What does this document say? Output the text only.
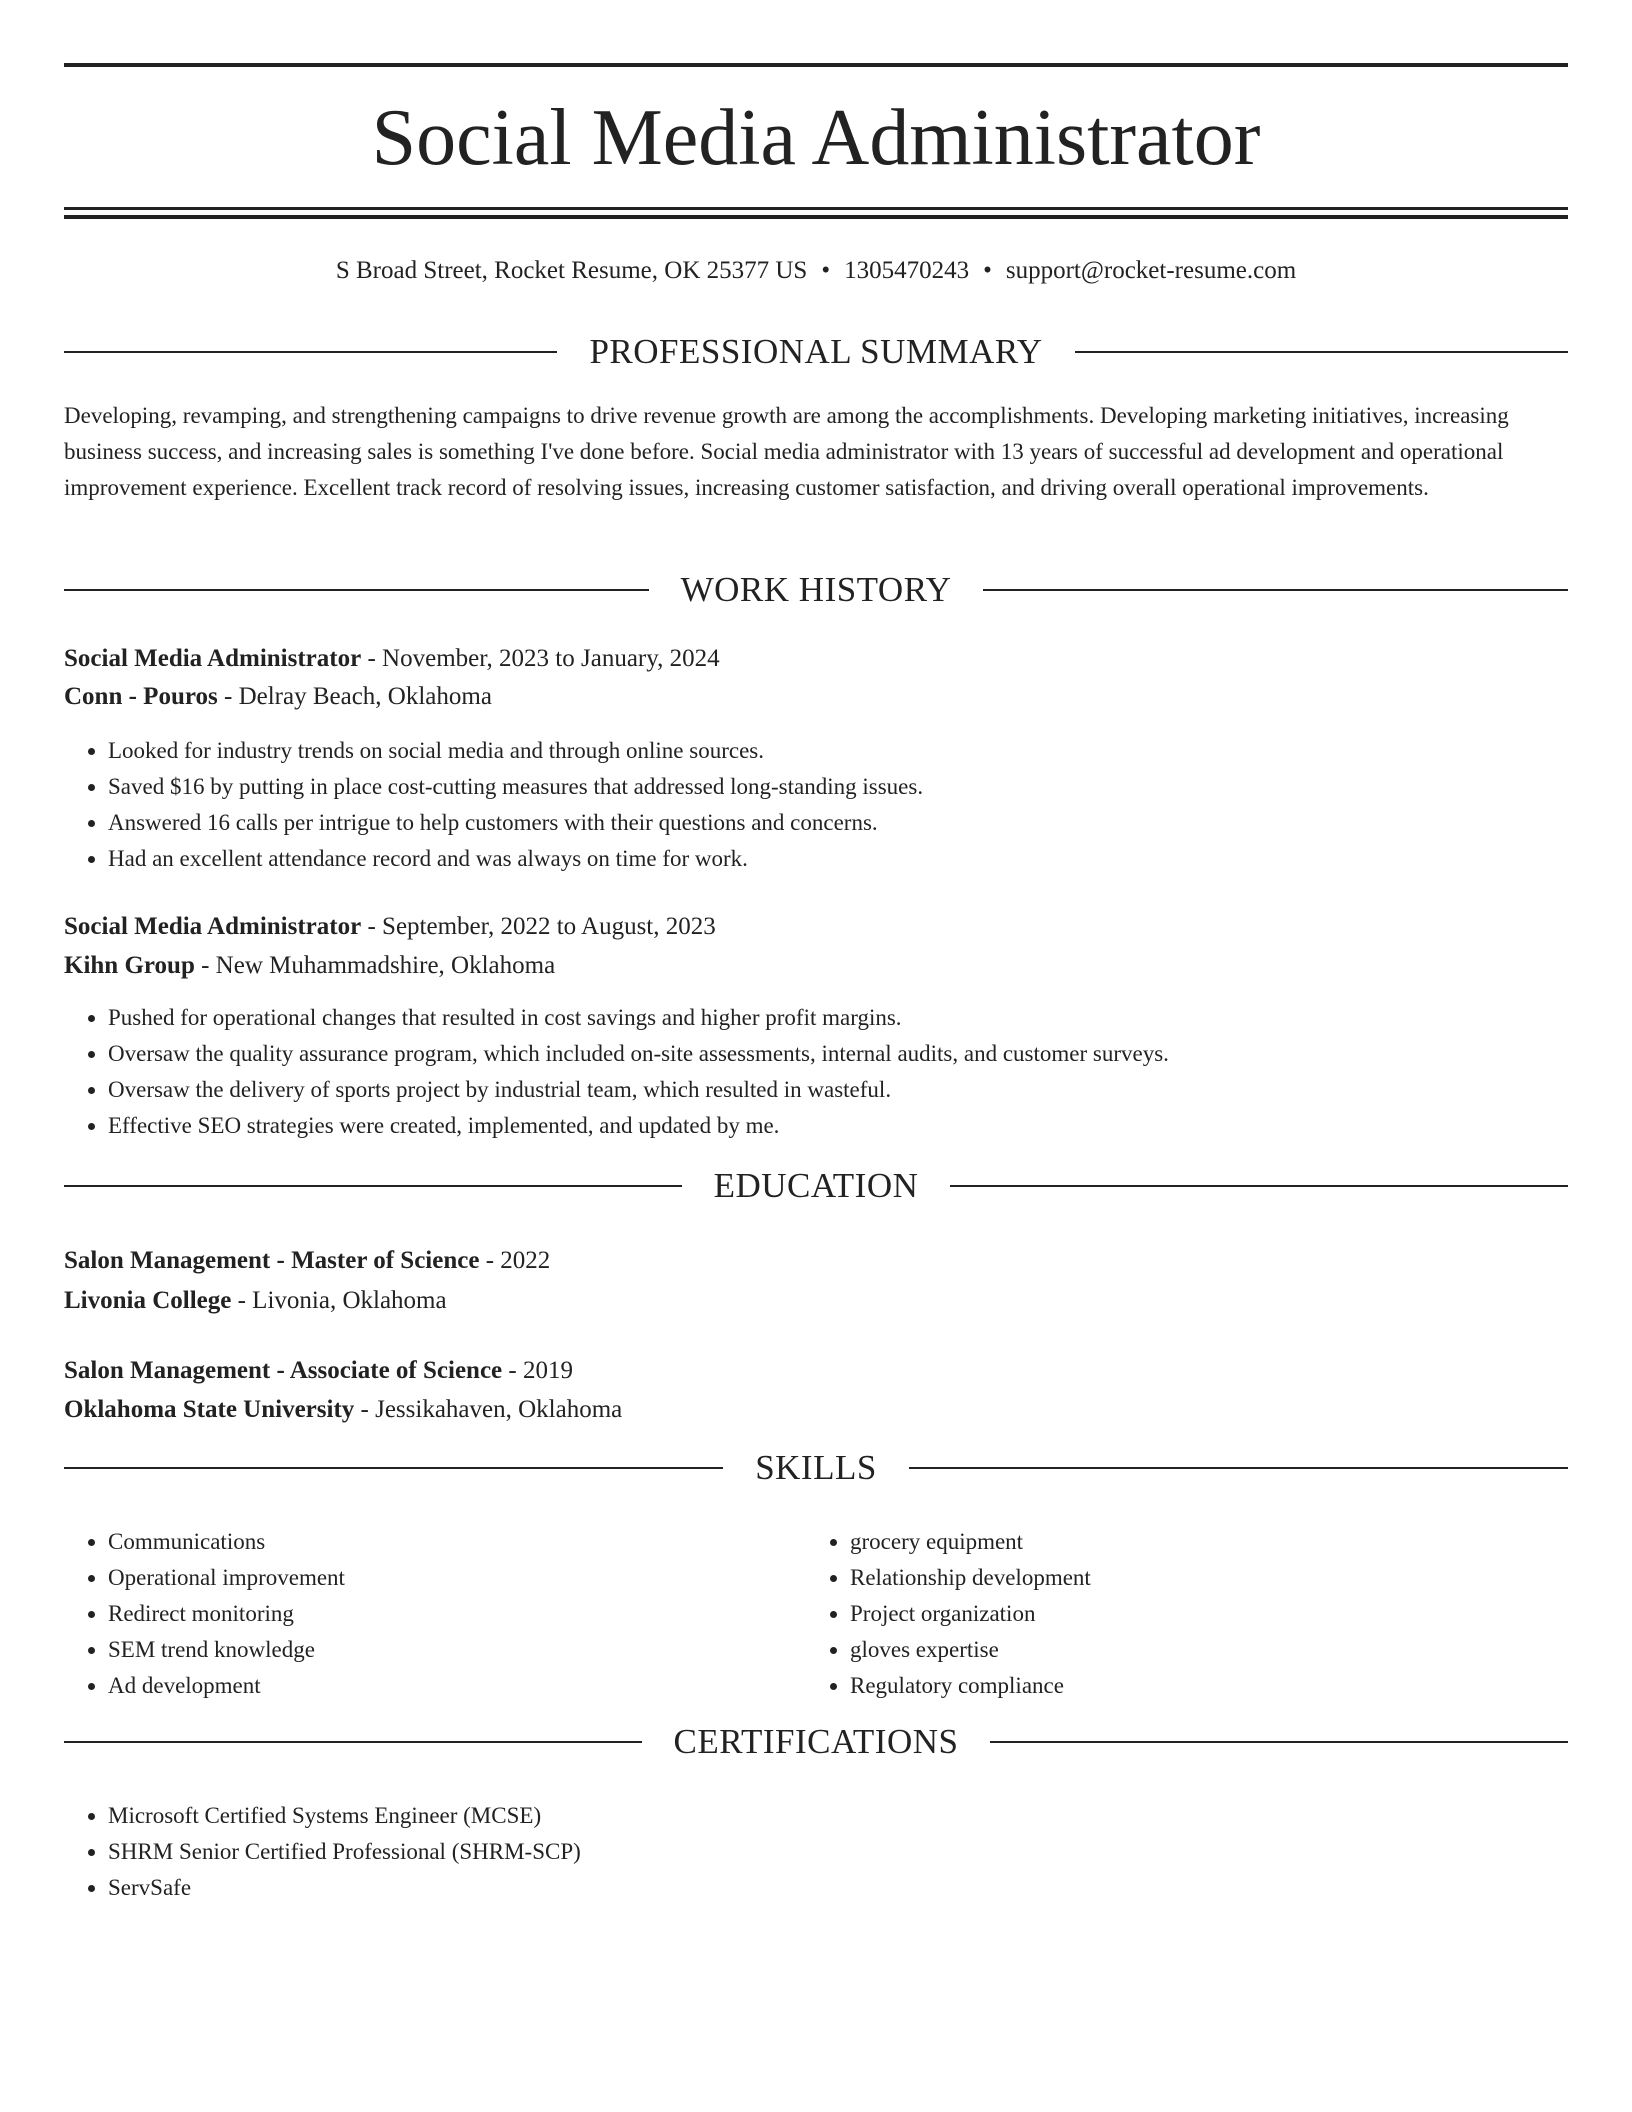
Social Media Administrator
S Broad Street, Rocket Resume, OK 25377 US • 1305470243 • support@rocket-resume.com
PROFESSIONAL SUMMARY

Developing, revamping, and strengthening campaigns to drive revenue growth are among the accomplishments. Developing marketing initiatives, increasing business success, and increasing sales is something I've done before. Social media administrator with 13 years of successful ad development and operational improvement experience. Excellent track record of resolving issues, increasing customer satisfaction, and driving overall operational improvements.

WORK HISTORY
Social Media Administrator - November, 2023 to January, 2024
Conn - Pouros - Delray Beach, Oklahoma
• Looked for industry trends on social media and through online sources.
• Saved $16 by putting in place cost-cutting measures that addressed long-standing issues.
• Answered 16 calls per intrigue to help customers with their questions and concerns.
• Had an excellent attendance record and was always on time for work.
Social Media Administrator - September, 2022 to August, 2023
Kihn Group - New Muhammadshire, Oklahoma
• Pushed for operational changes that resulted in cost savings and higher profit margins.
• Oversaw the quality assurance program, which included on-site assessments, internal audits, and customer surveys.
• Oversaw the delivery of sports project by industrial team, which resulted in wasteful.
• Effective SEO strategies were created, implemented, and updated by me.
EDUCATION
Salon Management - Master of Science - 2022
Livonia College - Livonia, Oklahoma
Salon Management - Associate of Science - 2019
Oklahoma State University - Jessikahaven, Oklahoma
SKILLS
• Communications
• Operational improvement
• Redirect monitoring
• SEM trend knowledge
• Ad development
• grocery equipment
• Relationship development
• Project organization
• gloves expertise
• Regulatory compliance
CERTIFICATIONS
• Microsoft Certified Systems Engineer (MCSE)
• SHRM Senior Certified Professional (SHRM-SCP)
• ServSafe
